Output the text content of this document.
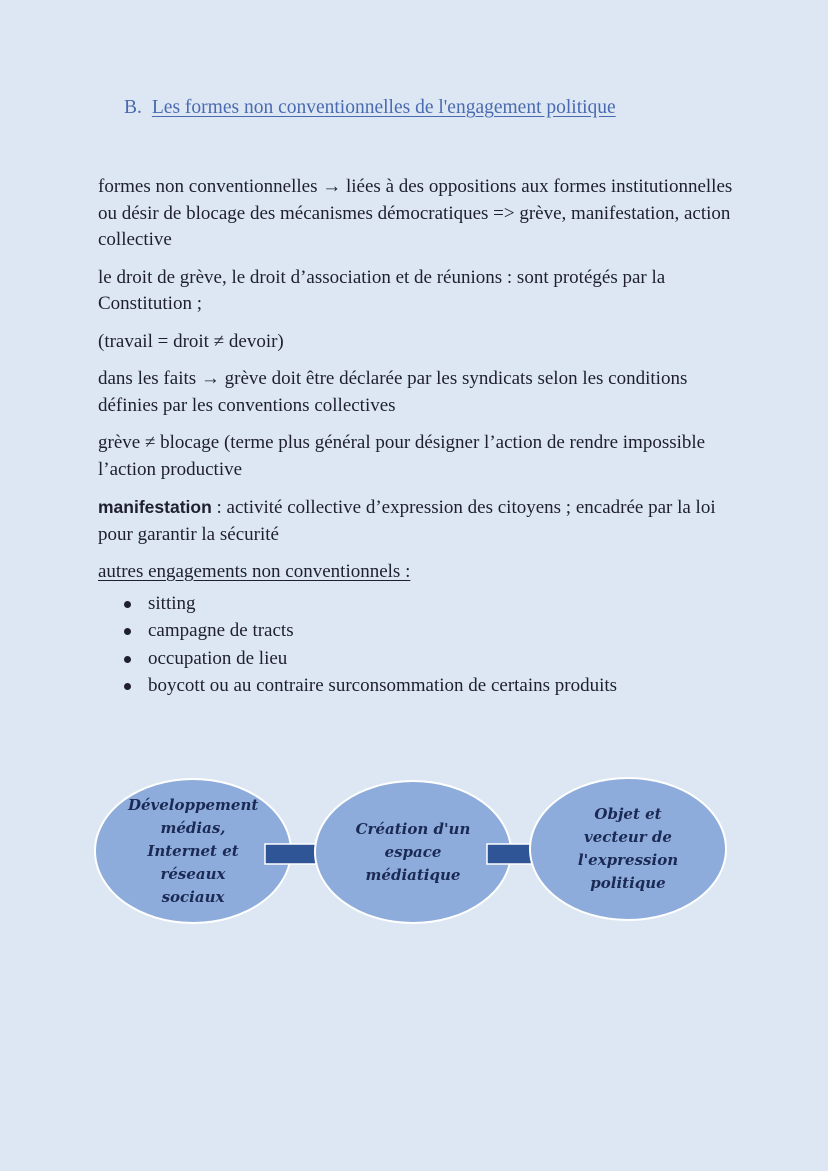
B. Les formes non conventionnelles de l'engagement politique

formes non conventionnelles → liées à des oppositions aux formes institutionnelles ou désir de blocage des mécanismes démocratiques => grève, manifestation, action collective

le droit de grève, le droit d’association et de réunions : sont protégés par la Constitution ;

(travail = droit ≠ devoir)

dans les faits → grève doit être déclarée par les syndicats selon les conditions définies par les conventions collectives

grève ≠ blocage (terme plus général pour désigner l’action de rendre impossible l’action productive

manifestation : activité collective d’expression des citoyens ; encadrée par la loi pour garantir la sécurité

autres engagements non conventionnels :

sitting
campagne de tracts
occupation de lieu
boycott ou au contraire surconsommation de certains produits
Développement médias, Internet et réseaux sociaux
Création d'un espace médiatique
Objet et vecteur de l'expression politique
